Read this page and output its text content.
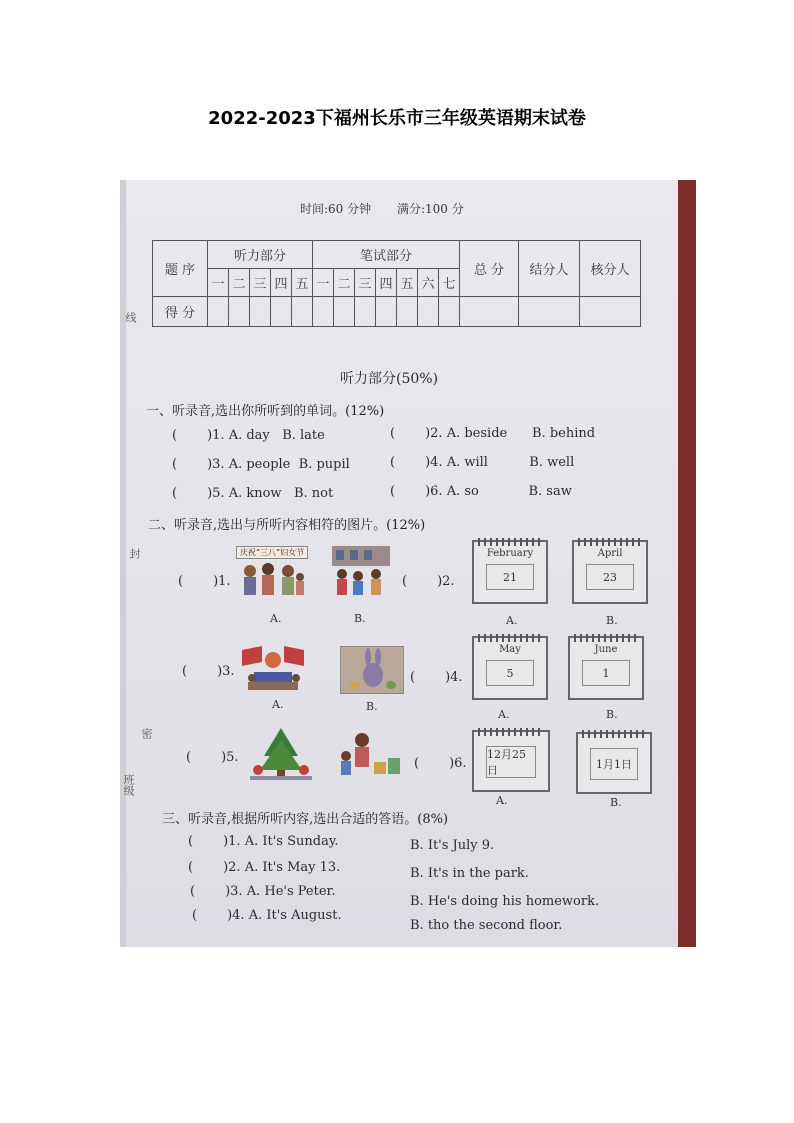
2022-2023下福州长乐市三年级英语期末试卷
线
封
密
班级
时间:60 分钟 满分:100 分
题 序	听力部分					笔试部分							总 分	结分人	核分人
	一	二	三	四	五	一	二	三	四	五	六	七			
得 分															
听力部分(50%)
一、听录音,选出你所听到的单词。(12%)
( )1. A. day B. late	( )2. A. beside B. behind
( )3. A. people B. pupil	( )4. A. will	B. well
( )5. A. know B. not	( )6. A. so	B. saw
二、听录音,选出与所听内容相符的图片。(12%)
( )1.
庆祝“三八”妇女节
A.	B.
( )2.
February
21
April
23
A.	B.
( )3.
A.	B.
( )4.
May
5
June
1
A.	B.
( )5.	( )6.
12月25日	1月1日
A.	B.
三、听录音,根据所听内容,选出合适的答语。(8%)
( )1. A. It's Sunday.	B. It's July 9.
( )2. A. It's May 13.	B. It's in the park.
( )3. A. He's Peter.
B. He's doing his homework.
( )4. A. It's August.
B. tho the second floor.
